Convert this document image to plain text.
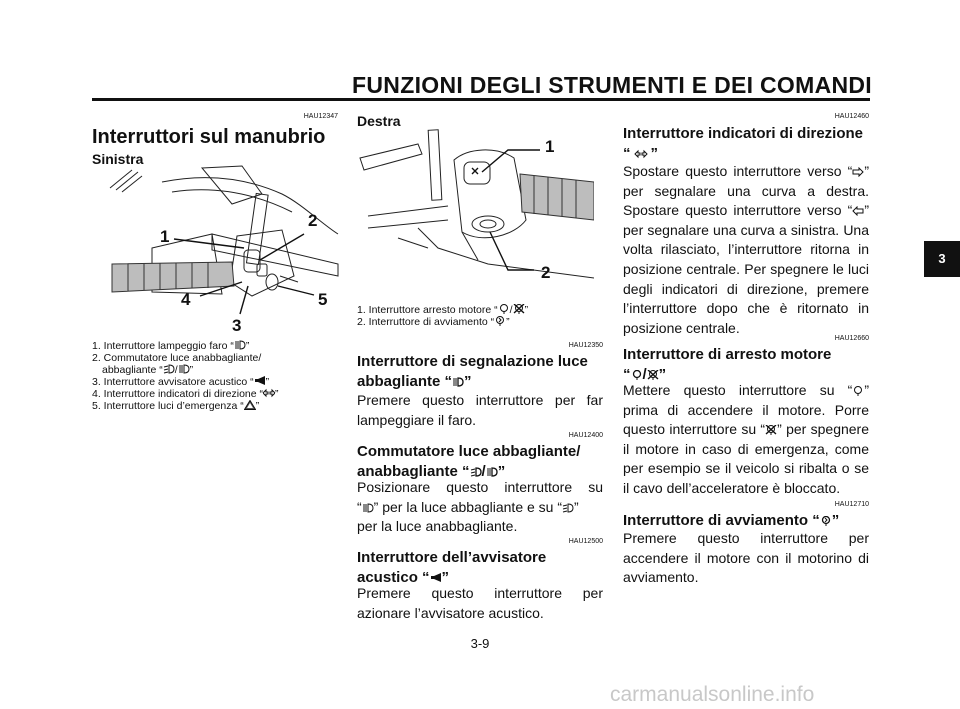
FUNZIONI DEGLI STRUMENTI E DEI COMANDI
HAU12347
Interruttori sul manubrio
Sinistra
1
2
3
4	5
1. Interruttore lampeggio faro “ ”
2. Commutatore luce anabbagliante/
abbagliante “ / ”
3. Interruttore avvisatore acustico “ ”
4. Interruttore indicatori di direzione “ ”
5. Interruttore luci d’emergenza “ ”
Destra
1
2
1. Interruttore arresto motore “ / ”
2. Interruttore di avviamento “ ”
HAU12350
Interruttore di segnalazione luce
abbagliante “ ”
Premere questo interruttore per far lampeggiare il faro.
HAU12400
Commutatore luce abbagliante/
anabbagliante “ / ”
Posizionare questo interruttore su
“ ” per la luce abbagliante e su “ ”
per la luce anabbagliante.
HAU12500
Interruttore dell’avvisatore
acustico “ ”
Premere questo interruttore per azionare l’avvisatore acustico.
HAU12460
Interruttore indicatori di direzione
“ ”
Spostare questo interruttore verso “ ” per segnalare una curva a destra. Spostare questo interruttore verso “ ” per segnalare una curva a sinistra. Una volta rilasciato, l’interruttore ritorna in posizione centrale. Per spegnere le luci degli indicatori di direzione, premere l’interruttore dopo che è ritornato in posizione centrale.
HAU12660
Interruttore di arresto motore
“ / ”
Mettere questo interruttore su “ ” prima di accendere il motore. Porre questo interruttore su “ ” per spegnere il motore in caso di emergenza, come per esempio se il veicolo si ribalta o se il cavo dell’acceleratore è bloccato.
HAU12710
Interruttore di avviamento “ ”
Premere questo interruttore per accendere il motore con il motorino di avviamento.
3
3-9
carmanualsonline.info
